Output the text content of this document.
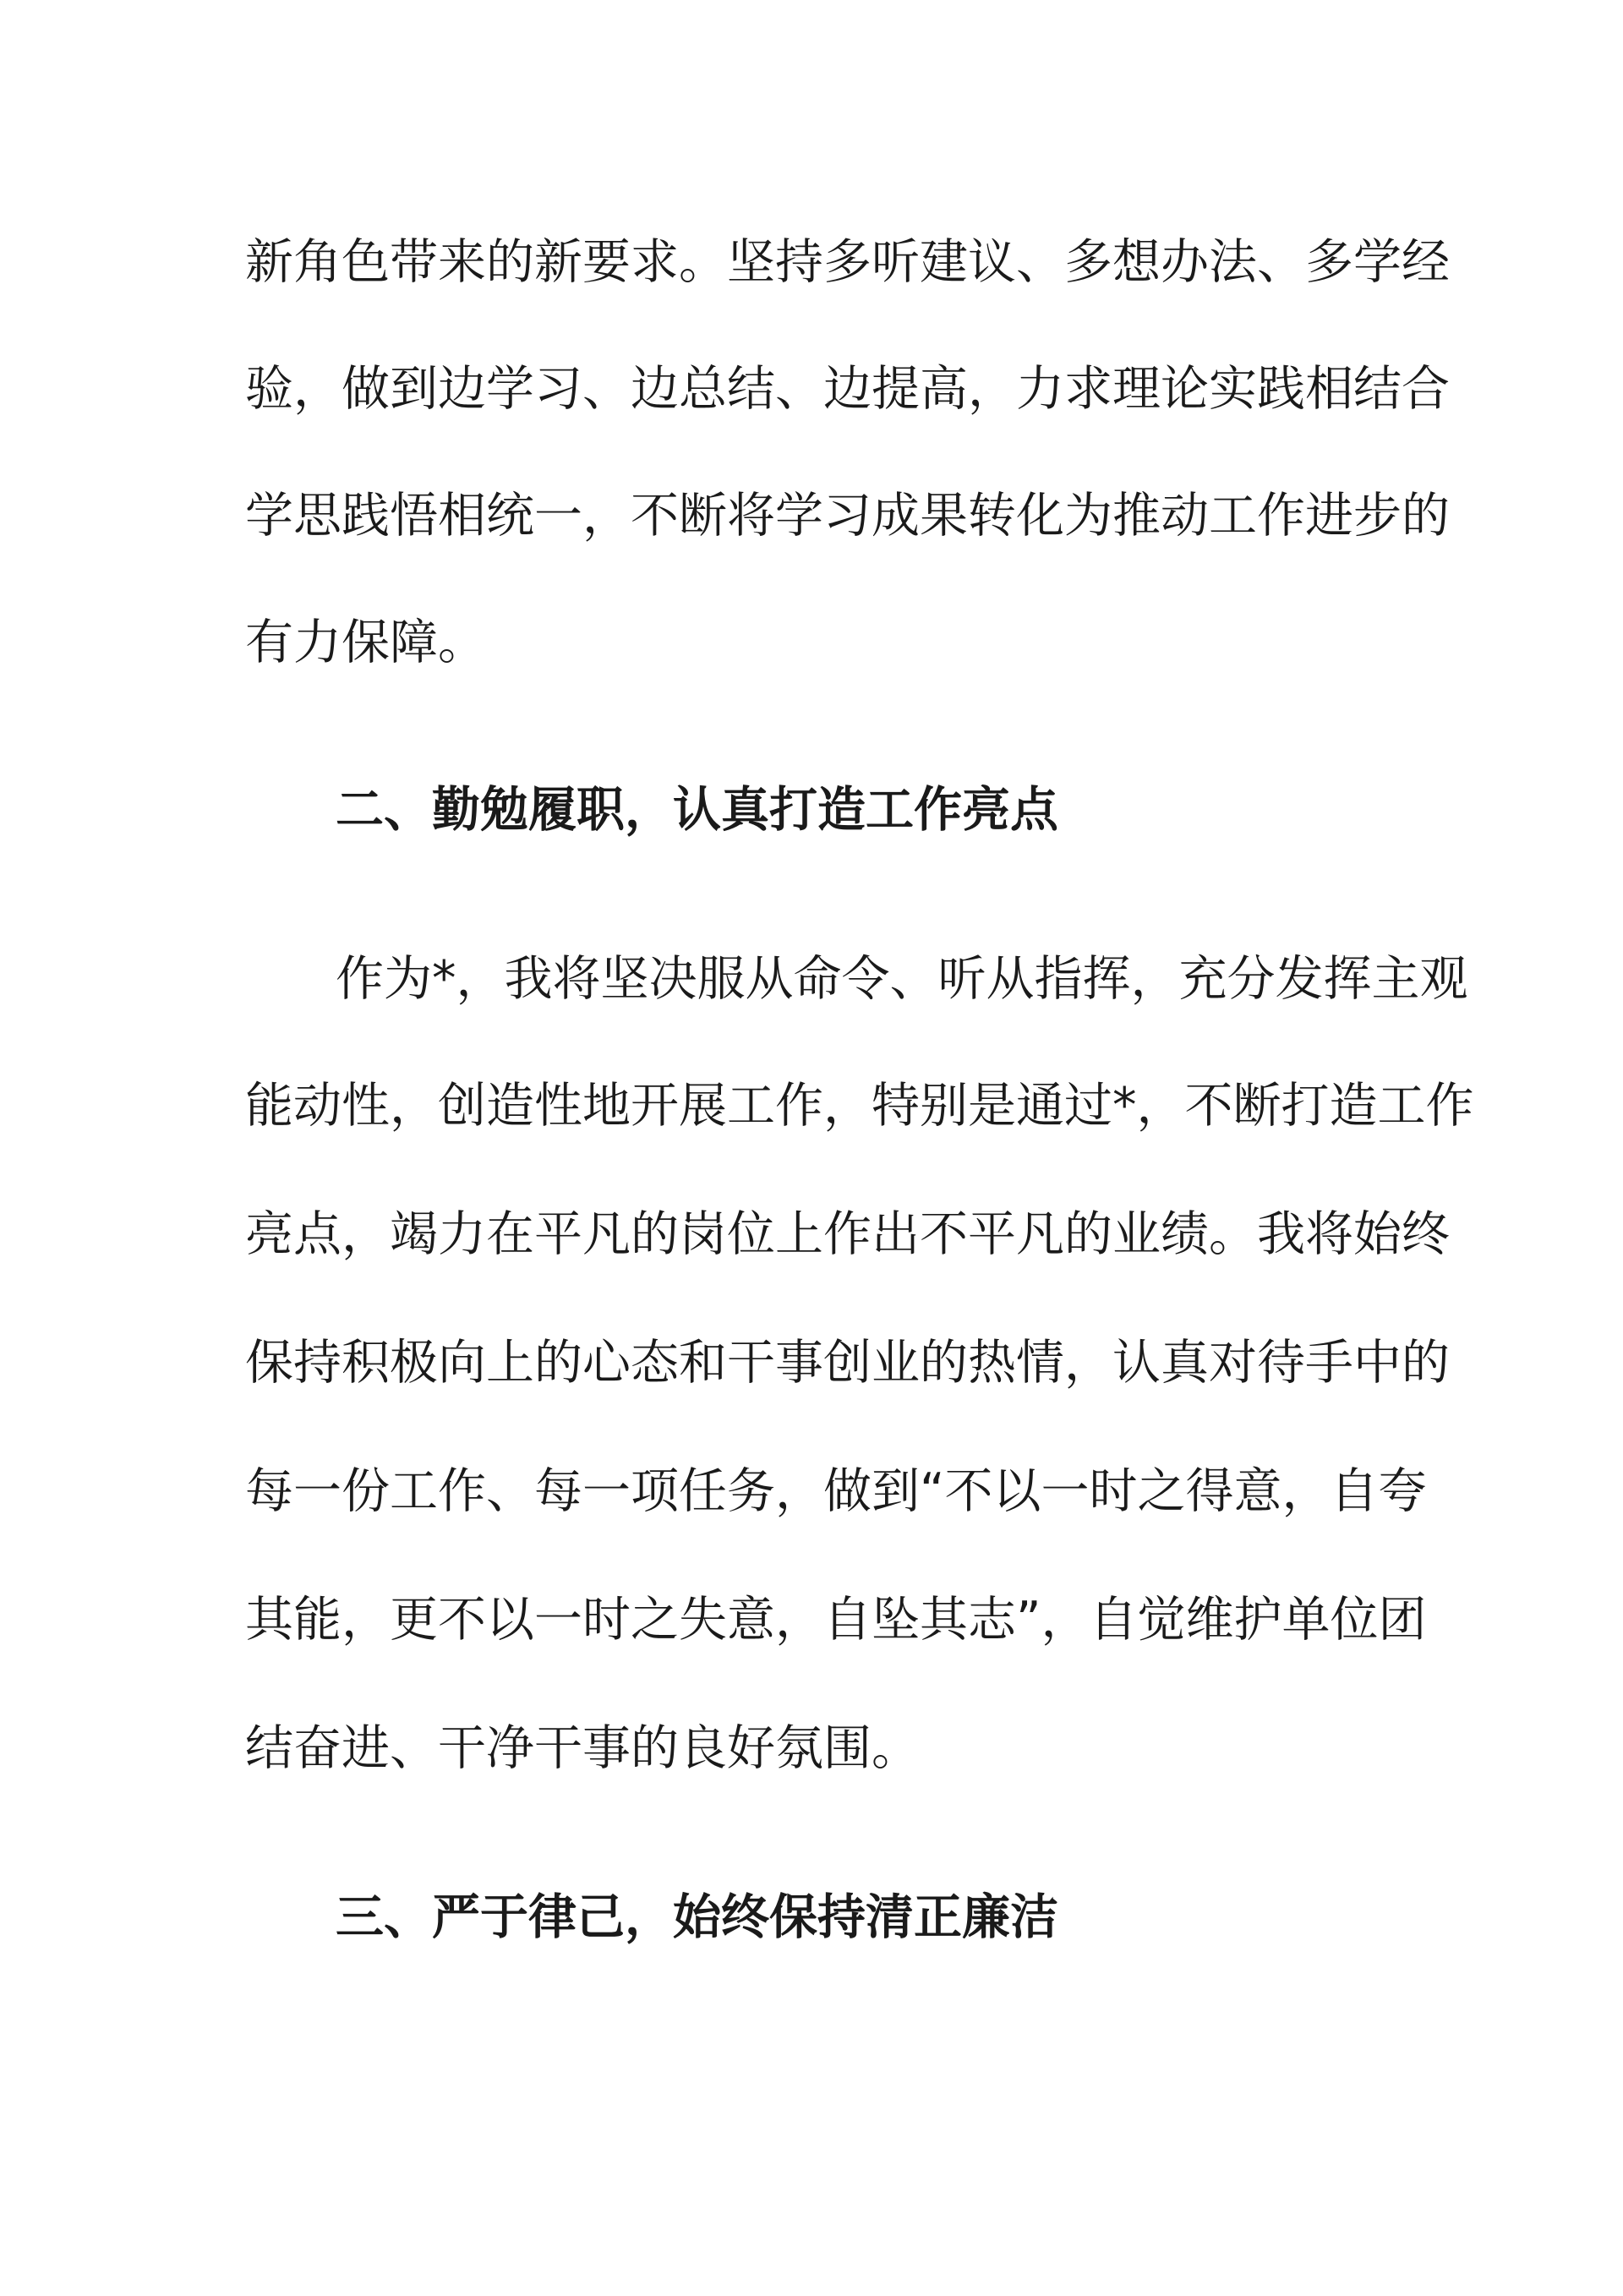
新角色带来的新要求。坚持多听建议、多想办法、多学经
验，做到边学习、边总结、边提高，力求理论实践相结合
学思践悟相统一，不断将学习成果转化为推动工作进步的
有力保障。
二、勤勉履职，认真打造工作亮点
作为*，我将坚决服从命令、听从指挥，充分发挥主观
能动性，创造性地开展工作，特别是通过*，不断打造工作
亮点，竭力在平凡的岗位上作出不平凡的业绩。我将始终
保持积极向上的心态和干事创业的热情，认真对待手中的
每一份工作、每一项任务，做到“不以一时之得意，自夸
其能，更不以一时之失意，自坠其志”，自觉维护单位团
结奋进、干净干事的良好氛围。
三、严于律己，始终保持清正廉洁
